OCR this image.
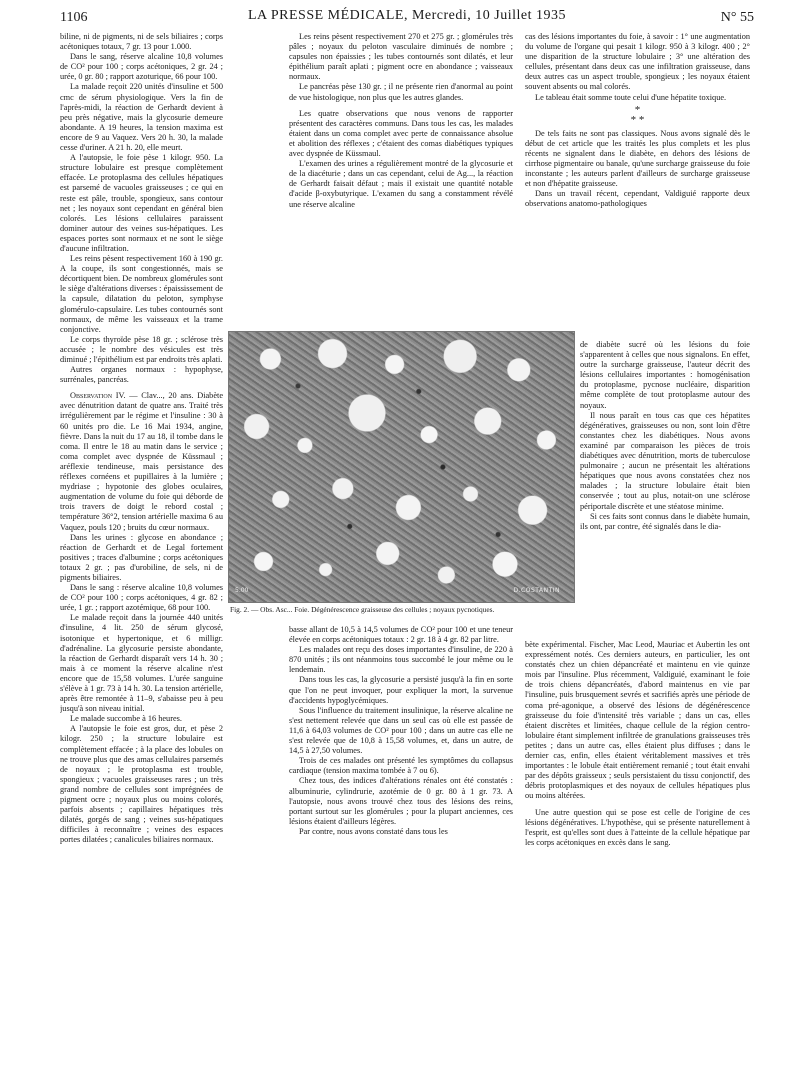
1106	LA PRESSE MÉDICALE, Mercredi, 10 Juillet 1935	N° 55

biline, ni de pigments, ni de sels biliaires ; corps acétoniques totaux, 7 gr. 13 pour 1.000.

Dans le sang, réserve alcaline 10,8 volumes de CO² pour 100 ; corps acétoniques, 2 gr. 24 ; urée, 0 gr. 80 ; rapport azoturique, 66 pour 100.

La malade reçoit 220 unités d'insuline et 500 cmc de sérum physiologique. Vers la fin de l'après-midi, la réaction de Gerhardt devient à peu près négative, mais la glycosurie demeure abondante. A 19 heures, la tension maxima est encore de 9 au Vaquez. Vers 20 h. 30, la malade cesse d'uriner. A 21 h. 20, elle meurt.

A l'autopsie, le foie pèse 1 kilogr. 950. La structure lobulaire est presque complètement effacée. Le protoplasma des cellules hépatiques est parsemé de vacuoles graisseuses ; ce qui en reste est pâle, trouble, spongieux, sans contour net ; les noyaux sont cependant en général bien colorés. Les lésions cellulaires paraissent dominer autour des veines sus-hépatiques. Les espaces portes sont normaux et ne sont le siège d'aucune infiltration.

Les reins pèsent respectivement 160 à 190 gr. A la coupe, ils sont congestionnés, mais se décortiquent bien. De nombreux glomérules sont le siège d'altérations diverses : épaississement de la capsule, dilatation du peloton, symphyse glomérulo-capsulaire. Les tubes contournés sont normaux, de même les vaisseaux et la trame conjonctive.

Le corps thyroïde pèse 18 gr. ; sclérose très accusée ; le nombre des vésicules est très diminué ; l'épithélium est par endroits très aplati.

Autres organes normaux : hypophyse, surrénales, pancréas.

Observation IV. — Clav..., 20 ans. Diabète avec dénutrition datant de quatre ans. Traité très irrégulièrement par le régime et l'insuline : 30 à 60 unités pro die. Le 16 Mai 1934, angine, fièvre. Dans la nuit du 17 au 18, il tombe dans le coma. Il entre le 18 au matin dans le service ; coma complet avec dyspnée de Küssmaul ; aréflexie tendineuse, mais persistance des réflexes cornéens et pupillaires à la lumière ; mydriase ; hypotonie des globes oculaires, augmentation de volume du foie qui déborde de trois travers de doigt le rebord costal ; température 36°2, tension artérielle maxima 6 au Vaquez, pouls 120 ; bruits du cœur normaux.

Dans les urines : glycose en abondance ; réaction de Gerhardt et de Legal fortement positives ; traces d'albumine ; corps acétoniques totaux 2 gr. ; pas d'urobiline, de sels, ni de pigments biliaires.

Dans le sang : réserve alcaline 10,8 volumes de CO² pour 100 ; corps acétoniques, 4 gr. 82 ; urée, 1 gr. ; rapport azotémique, 68 pour 100.

Le malade reçoit dans la journée 440 unités d'insuline, 4 lit. 250 de sérum glycosé, isotonique et hypertonique, et 6 milligr. d'adrénaline. La glycosurie persiste abondante, la réaction de Gerhardt disparaît vers 14 h. 30 ; mais à ce moment la réserve alcaline n'est encore que de 15,58 volumes. L'urée sanguine s'élève à 1 gr. 73 à 14 h. 30. La tension artérielle, après être remontée à 11–9, s'abaisse peu à peu jusqu'à son niveau initial.

Le malade succombe à 16 heures.

A l'autopsie le foie est gros, dur, et pèse 2 kilogr. 250 ; la structure lobulaire est complètement effacée ; à la place des lobules on ne trouve plus que des amas cellulaires parsemés de noyaux ; le protoplasma est trouble, spongieux ; vacuoles graisseuses rares ; un très grand nombre de cellules sont imprégnées de pigment ocre ; noyaux plus ou moins colorés, parfois absents ; capillaires hépatiques très dilatés, gorgés de sang ; veines sus-hépatiques difficiles à reconnaître ; veines des espaces portes dilatées ; canalicules biliaires normaux.

Les reins pèsent respectivement 270 et 275 gr. ; glomérules très pâles ; noyaux du peloton vasculaire diminués de nombre ; capsules non épaissies ; les tubes contournés sont dilatés, et leur épithélium paraît aplati ; pigment ocre en abondance ; vaisseaux normaux.

Le pancréas pèse 130 gr. ; il ne présente rien d'anormal au point de vue histologique, non plus que les autres glandes.

Les quatre observations que nous venons de rapporter présentent des caractères communs. Dans tous les cas, les malades étaient dans un coma complet avec perte de connaissance absolue et abolition des réflexes ; c'étaient des comas diabétiques typiques avec dyspnée de Küssmaul.

L'examen des urines a régulièrement montré de la glycosurie et de la diacéturie ; dans un cas cependant, celui de Ag..., la réaction de Gerhardt faisait défaut ; mais il existait une quantité notable d'acide β-oxybutyrique. L'examen du sang a constamment révélé une réserve alcaline

5.00	D.COSTANTIN
Fig. 2. — Obs. Asc... Foie. Dégénérescence graisseuse des cellules ; noyaux pycnotiques.

basse allant de 10,5 à 14,5 volumes de CO² pour 100 et une teneur élevée en corps acétoniques totaux : 2 gr. 18 à 4 gr. 82 par litre.

Les malades ont reçu des doses importantes d'insuline, de 220 à 870 unités ; ils ont néanmoins tous succombé le jour même ou le lendemain.

Dans tous les cas, la glycosurie a persisté jusqu'à la fin en sorte que l'on ne peut invoquer, pour expliquer la mort, la survenue d'accidents hypoglycémiques.

Sous l'influence du traitement insulinique, la réserve alcaline ne s'est nettement relevée que dans un seul cas où elle est passée de 11,6 à 64,03 volumes de CO² pour 100 ; dans un autre cas elle ne s'est relevée que de 10,8 à 15,58 volumes, et, dans un autre, de 14,5 à 27,50 volumes.

Trois de ces malades ont présenté les symptômes du collapsus cardiaque (tension maxima tombée à 7 ou 6).

Chez tous, des indices d'altérations rénales ont été constatés : albuminurie, cylindrurie, azotémie de 0 gr. 80 à 1 gr. 73. A l'autopsie, nous avons trouvé chez tous des lésions des reins, portant surtout sur les glomérules ; pour la plupart anciennes, ces lésions étaient d'ailleurs légères.

Par contre, nous avons constaté dans tous les

cas des lésions importantes du foie, à savoir : 1° une augmentation du volume de l'organe qui pesait 1 kilogr. 950 à 3 kilogr. 400 ; 2° une disparition de la structure lobulaire ; 3° une altération des cellules, présentant dans deux cas une infiltration graisseuse, dans deux autres cas un aspect trouble, spongieux ; les noyaux étaient souvent absents ou mal colorés.

Le tableau était somme toute celui d'une hépatite toxique.

*
* *

De tels faits ne sont pas classiques. Nous avons signalé dès le début de cet article que les traités les plus complets et les plus récents ne signalent dans le diabète, en dehors des lésions de cirrhose pigmentaire ou banale, qu'une surcharge graisseuse du foie inconstante ; les auteurs parlent d'ailleurs de surcharge graisseuse et non d'hépatite graisseuse.

Dans un travail récent, cependant, Valdiguié rapporte deux observations anatomo-pathologiques

de diabète sucré où les lésions du foie s'apparentent à celles que nous signalons. En effet, outre la surcharge graisseuse, l'auteur décrit des lésions cellulaires importantes : homogénisation du protoplasme, pycnose nucléaire, disparition même complète de tout protoplasme autour des noyaux.

Il nous paraît en tous cas que ces hépatites dégénératives, graisseuses ou non, sont loin d'être constantes chez les diabétiques. Nous avons examiné par comparaison les pièces de trois diabétiques avec dénutrition, morts de tuberculose pulmonaire ; aucun ne présentait les altérations hépatiques que nous avons constatées chez nos malades ; la structure lobulaire était bien conservée ; tout au plus, notait-on une sclérose périportale discrète et une stéatose minime.

Si ces faits sont connus dans le diabète humain, ils ont, par contre, été signalés dans le dia-

bète expérimental. Fischer, Mac Leod, Mauriac et Aubertin les ont expressément notés. Ces derniers auteurs, en particulier, les ont constatés chez un chien dépancréaté et maintenu en vie quinze mois par l'insuline. Plus récemment, Valdiguié, examinant le foie de trois chiens dépancréatés, d'abord maintenus en vie par l'insuline, puis brusquement sevrés et sacrifiés après une période de coma pré-agonique, a observé des lésions de dégénérescence graisseuse du foie d'intensité très variable ; dans un cas, elles étaient discrètes et limitées, chaque cellule de la région centro-lobulaire étant simplement infiltrée de granulations graisseuses très petites ; dans un autre cas, elles étaient plus diffuses ; dans le dernier cas, enfin, elles étaient véritablement massives et très importantes : le lobule était entièrement remanié ; tout était envahi par des dépôts graisseux ; seuls persistaient du tissu conjonctif, des débris protoplasmiques et des noyaux de cellules hépatiques plus ou moins altérées.

Une autre question qui se pose est celle de l'origine de ces lésions dégénératives. L'hypothèse, qui se présente naturellement à l'esprit, est qu'elles sont dues à l'atteinte de la cellule hépatique par les corps acétoniques en excès dans le sang.
